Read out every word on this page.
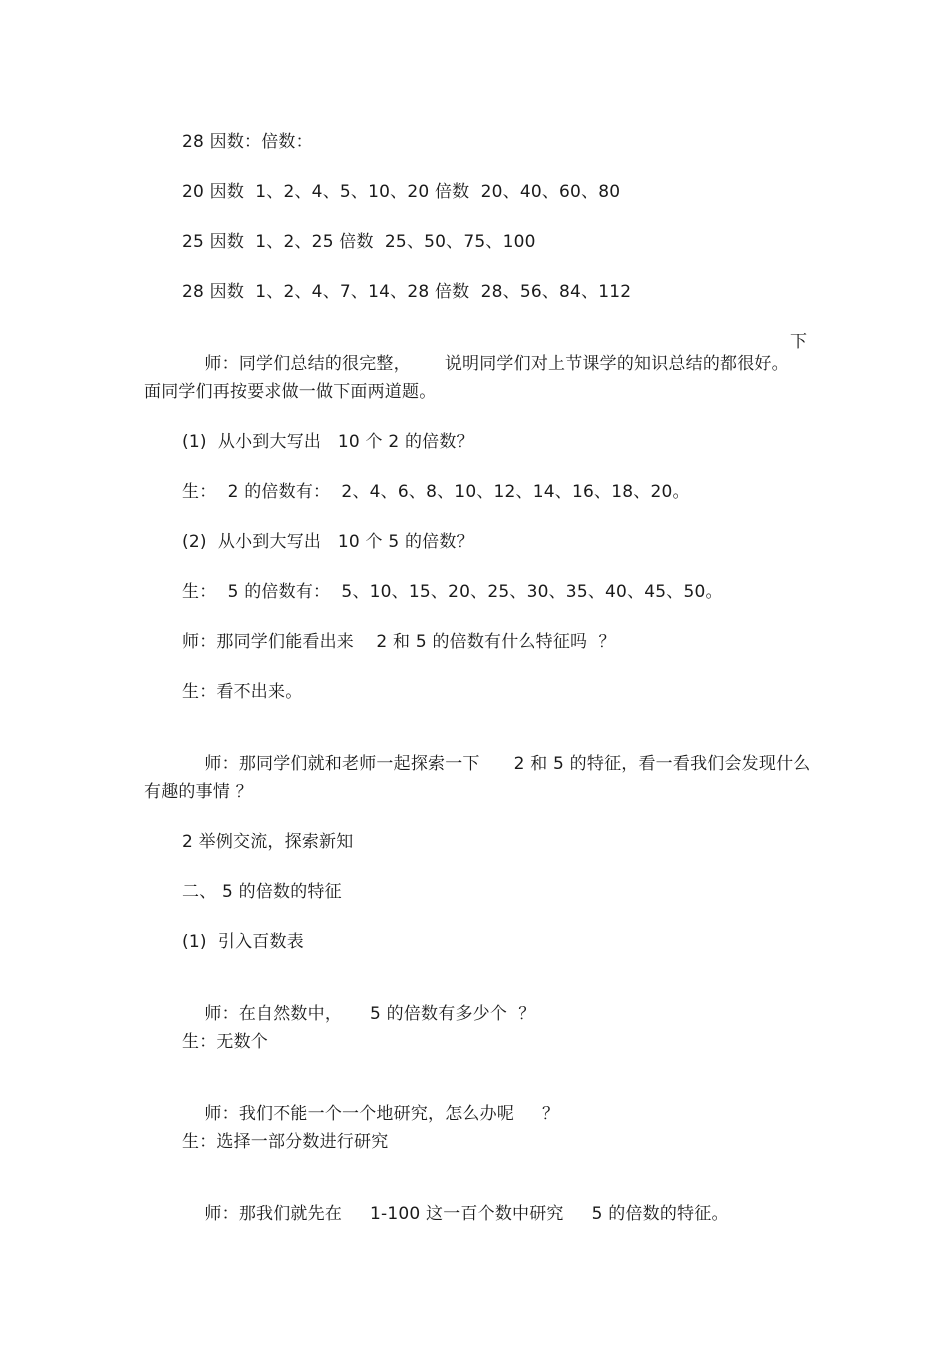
28 因数：倍数：
20 因数  1、2、4、5、10、20 倍数  20、40、60、80
25 因数  1、2、25 倍数  25、50、75、100
28 因数  1、2、4、7、14、28 倍数  28、56、84、112

师：同学们总结的很完整， 说明同学们对上节课学的知识总结的都很好。

下
面同学们再按要求做一做下面两道题。
(1)  从小到大写出   10 个 2 的倍数？
生：  2 的倍数有：  2、4、6、8、10、12、14、16、18、20。
(2)  从小到大写出   10 个 5 的倍数？
生：  5 的倍数有：  5、10、15、20、25、30、35、40、45、50。
师：那同学们能看出来    2 和 5 的倍数有什么特征吗  ？
生：看不出来。

师：那同学们就和老师一起探索一下 2 和 5 的特征，看一看我们会发现什么

有趣的事情 ？
2 举例交流，探索新知
二、 5 的倍数的特征
(1)  引入百数表

师：在自然数中， 5 的倍数有多少个  ？

生：无数个

师：我们不能一个一个地研究，怎么办呢 ？

生：选择一部分数进行研究

师：那我们就先在 1-100 这一百个数中研究 5 的倍数的特征。
